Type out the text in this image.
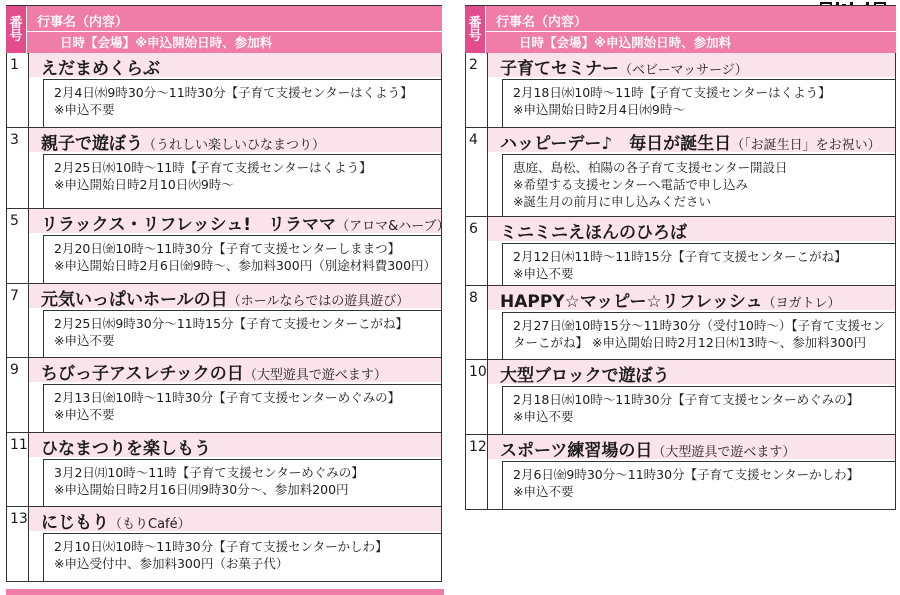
番
号
行事名（内容）
日時【会場】※申込開始日時、参加料
1	えだまめくらぶ
2月4日㈬9時30分〜11時30分【子育て支援センターはくよう】
※申込不要
3	親子で遊ぼう（うれしい楽しいひなまつり）
2月25日㈬10時〜11時【子育て支援センターはくよう】
※申込開始日時2月10日㈫9時〜
5	リラックス・リフレッシュ!　リラママ（アロマ&ハーブ）
2月20日㈮10時〜11時30分【子育て支援センターしままつ】
※申込開始日時2月6日㈮9時〜、参加料300円（別途材料費300円）
7	元気いっぱいホールの日（ホールならではの遊具遊び）
2月25日㈬9時30分〜11時15分【子育て支援センターこがね】
※申込不要
9	ちびっ子アスレチックの日（大型遊具で遊べます）
2月13日㈮10時〜11時30分【子育て支援センターめぐみの】
※申込不要
11 ひなまつりを楽しもう
3月2日㈪10時〜11時【子育て支援センターめぐみの】
※申込開始日時2月16日㈪9時30分〜、参加料200円
13 にじもり（もりCafé）
2月10日㈫10時〜11時30分【子育て支援センターかしわ】
※申込受付中、参加料300円（お菓子代）
番
号
行事名（内容）
日時【会場】※申込開始日時、参加料
2	子育てセミナー（ベビーマッサージ）
2月18日㈬10時〜11時【子育て支援センターはくよう】
※申込開始日時2月4日㈬9時〜
4	ハッピーデー♪　毎日が誕生日（「お誕生日」をお祝い）
恵庭、島松、柏陽の各子育て支援センター開設日
※希望する支援センターへ電話で申し込み
※誕生月の前月に申し込みください
6	ミニミニえほんのひろば
2月12日㈭11時〜11時15分【子育て支援センターこがね】
※申込不要
8	HAPPY☆マッピー☆リフレッシュ（ヨガトレ）
2月27日㈮10時15分〜11時30分（受付10時〜）【子育て支援セン
ターこがね】 ※申込開始日時2月12日㈭13時〜、参加料300円
10 大型ブロックで遊ぼう
2月18日㈬10時〜11時30分【子育て支援センターめぐみの】
※申込不要
12 スポーツ練習場の日（大型遊具で遊べます）
2月6日㈮9時30分〜11時30分【子育て支援センターかしわ】
※申込不要
